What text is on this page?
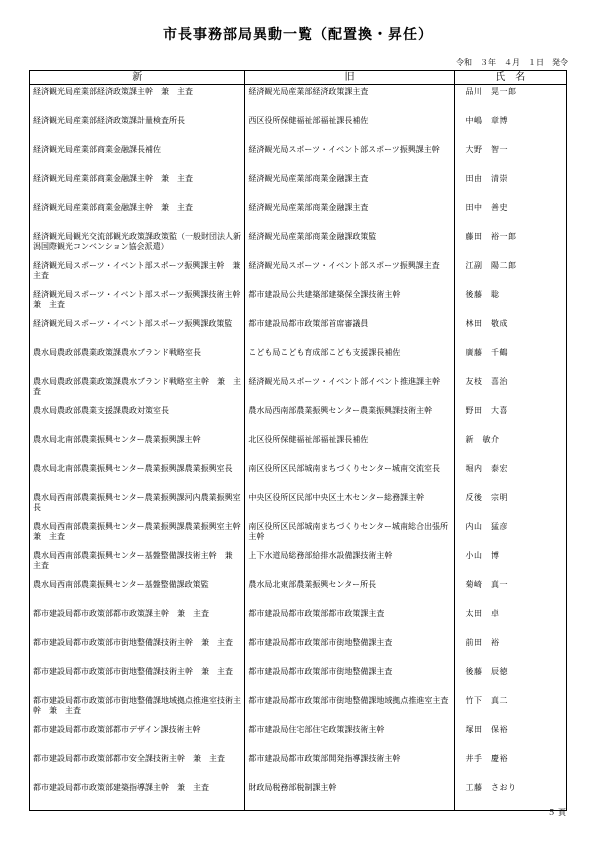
市長事務部局異動一覧（配置換・昇任）
令和　３年　４月　１日　発令
新	旧	氏　名
経済観光局産業部経済政策課主幹　兼　主査	経済観光局産業部経済政策課主査	品川　晃一郎
経済観光局産業部経済政策課計量検査所長	西区役所保健福祉部福祉課長補佐	中嶋　章博
経済観光局産業部商業金融課長補佐	経済観光局スポーツ・イベント部スポーツ振興課主幹	大野　智一
経済観光局産業部商業金融課主幹　兼　主査	経済観光局産業部商業金融課主査	田由　清崇
経済観光局産業部商業金融課主幹　兼　主査	経済観光局産業部商業金融課主査	田中　善史
経済観光局観光交流部観光政策課政策監（一般財団法人新潟国際観光コンベンション協会派遣）	経済観光局産業部商業金融課政策監	藤田　裕一郎
経済観光局スポーツ・イベント部スポーツ振興課主幹　兼　主査	経済観光局スポーツ・イベント部スポーツ振興課主査	江副　陽二郎
経済観光局スポーツ・イベント部スポーツ振興課技術主幹　兼　主査	都市建設局公共建築部建築保全課技術主幹	後藤　聡
経済観光局スポーツ・イベント部スポーツ振興課政策監	都市建設局都市政策部首席審議員	林田　敬成
農水局農政部農業政策課農水ブランド戦略室長	こども局こども育成部こども支援課長補佐	廣藤　千鶴
農水局農政部農業政策課農水ブランド戦略室主幹　兼　主査	経済観光局スポーツ・イベント部イベント推進課主幹	友枝　喜治
農水局農政部農業支援課農政対策室長	農水局西南部農業振興センター農業振興課技術主幹	野田　大喜
農水局北南部農業振興センター農業振興課主幹	北区役所保健福祉部福祉課長補佐	新　敏介
農水局北南部農業振興センター農業振興課農業振興室長	南区役所区民部城南まちづくりセンター城南交流室長	堀内　泰宏
農水局西南部農業振興センター農業振興課河内農業振興室長	中央区役所区民部中央区土木センター総務課主幹	反後　宗明
農水局西南部農業振興センター農業振興課農業振興室主幹　兼　主査	南区役所区民部城南まちづくりセンター城南総合出張所主幹	内山　猛彦
農水局西南部農業振興センター基盤整備課技術主幹　兼　主査	上下水道局総務部給排水設備課技術主幹	小山　博
農水局西南部農業振興センター基盤整備課政策監	農水局北東部農業振興センター所長	菊崎　真一
都市建設局都市政策部都市政策課主幹　兼　主査	都市建設局都市政策部都市政策課主査	太田　卓
都市建設局都市政策部市街地整備課技術主幹　兼　主査	都市建設局都市政策部市街地整備課主査	前田　裕
都市建設局都市政策部市街地整備課技術主幹　兼　主査	都市建設局都市政策部市街地整備課主査	後藤　辰徳
都市建設局都市政策部市街地整備課地域拠点推進室技術主幹　兼　主査	都市建設局都市政策部市街地整備課地域拠点推進室主査	竹下　真二
都市建設局都市政策部都市デザイン課技術主幹	都市建設局住宅部住宅政策課技術主幹	塚田　保裕
都市建設局都市政策部都市安全課技術主幹　兼　主査	都市建設局都市政策部開発指導課技術主幹	井手　慶裕
都市建設局都市政策部建築指導課主幹　兼　主査	財政局税務部税制課主幹	工藤　さおり
５ 頁
